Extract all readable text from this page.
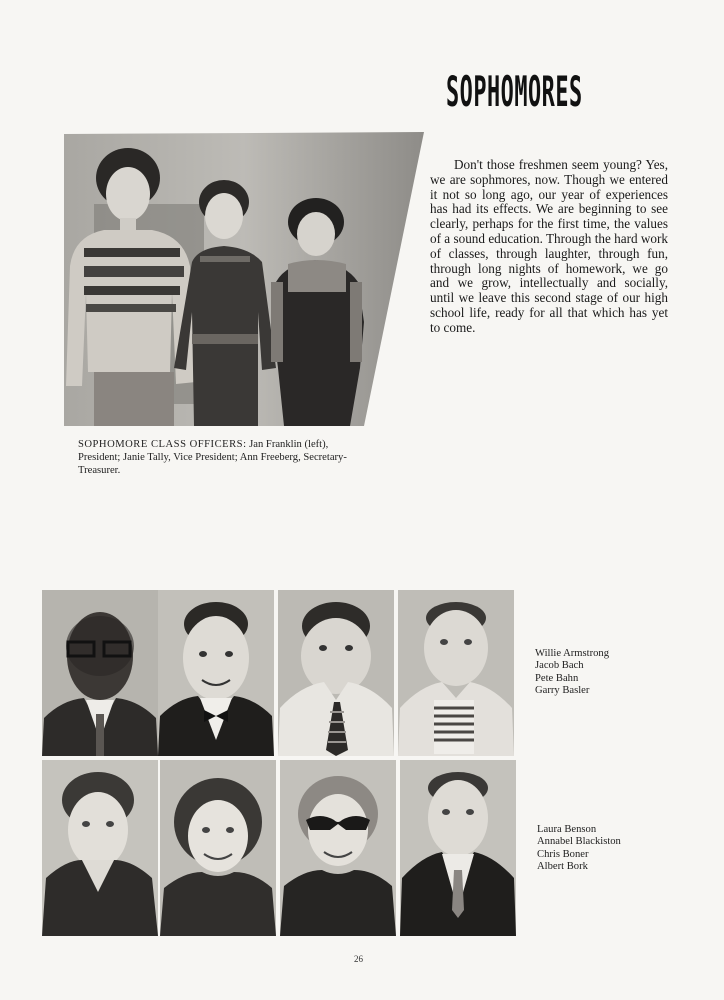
SOPHOMORES

Don't those freshmen seem young? Yes, we are sophmores, now. Though we entered it not so long ago, our year of experiences has had its effects. We are beginning to see clearly, perhaps for the first time, the values of a sound education. Through the hard work of classes, through laughter, through fun, through long nights of homework, we go and we grow, intellectually and socially, until we leave this second stage of our high school life, ready for all that which has yet to come.

SOPHOMORE CLASS OFFICERS: Jan Franklin (left), President; Janie Tally, Vice President; Ann Freeberg, Secretary-Treasurer.

Willie Armstrong
Jacob Bach
Pete Bahn
Garry Basler
Laura Benson
Annabel Blackiston
Chris Boner
Albert Bork
26
